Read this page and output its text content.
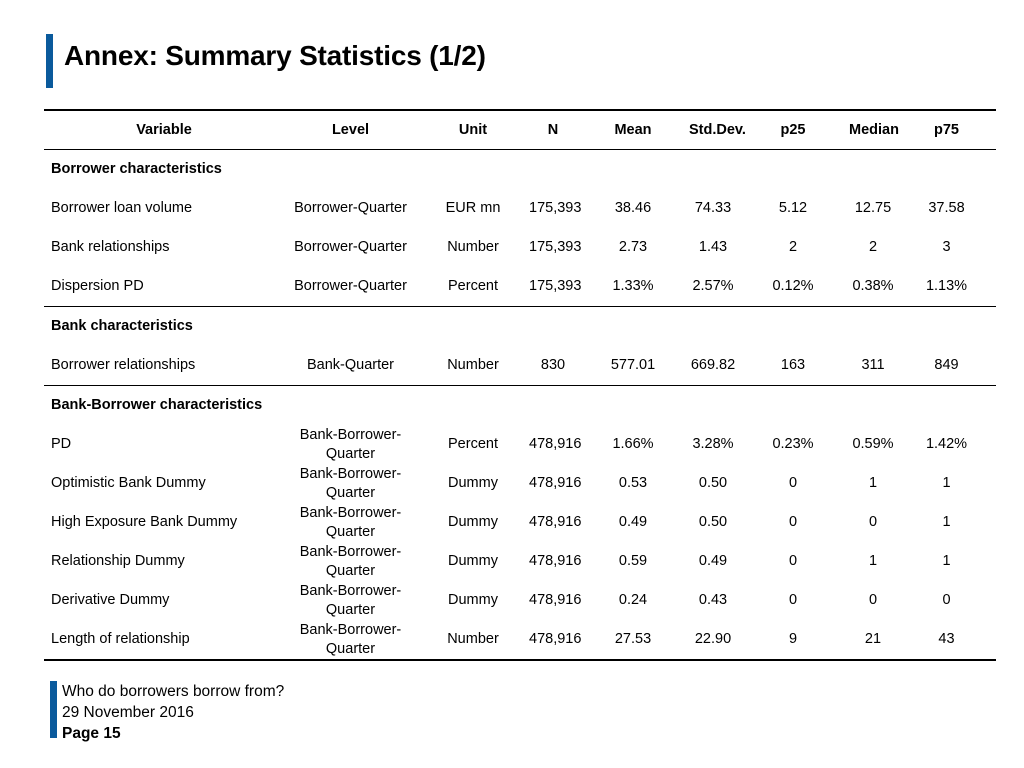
Annex: Summary Statistics (1/2)
Variable	Level	Unit	N	Mean	Std.Dev.	p25	Median	p75
Borrower characteristics								
Borrower loan volume	Borrower-Quarter	EUR mn	175,393	38.46	74.33	5.12	12.75	37.58
Bank relationships	Borrower-Quarter	Number	175,393	2.73	1.43	2	2	3
Dispersion PD	Borrower-Quarter	Percent	175,393	1.33%	2.57%	0.12%	0.38%	1.13%
Bank characteristics								
Borrower relationships	Bank-Quarter	Number	830	577.01	669.82	163	311	849
Bank-Borrower characteristics								
PD	Bank-Borrower-Quarter	Percent	478,916	1.66%	3.28%	0.23%	0.59%	1.42%
Optimistic Bank Dummy	Bank-Borrower-Quarter	Dummy	478,916	0.53	0.50	0	1	1
High Exposure Bank Dummy	Bank-Borrower-Quarter	Dummy	478,916	0.49	0.50	0	0	1
Relationship Dummy	Bank-Borrower-Quarter	Dummy	478,916	0.59	0.49	0	1	1
Derivative Dummy	Bank-Borrower-Quarter	Dummy	478,916	0.24	0.43	0	0	0
Length of relationship	Bank-Borrower-Quarter	Number	478,916	27.53	22.90	9	21	43
Who do borrowers borrow from?
29 November 2016
Page 15
